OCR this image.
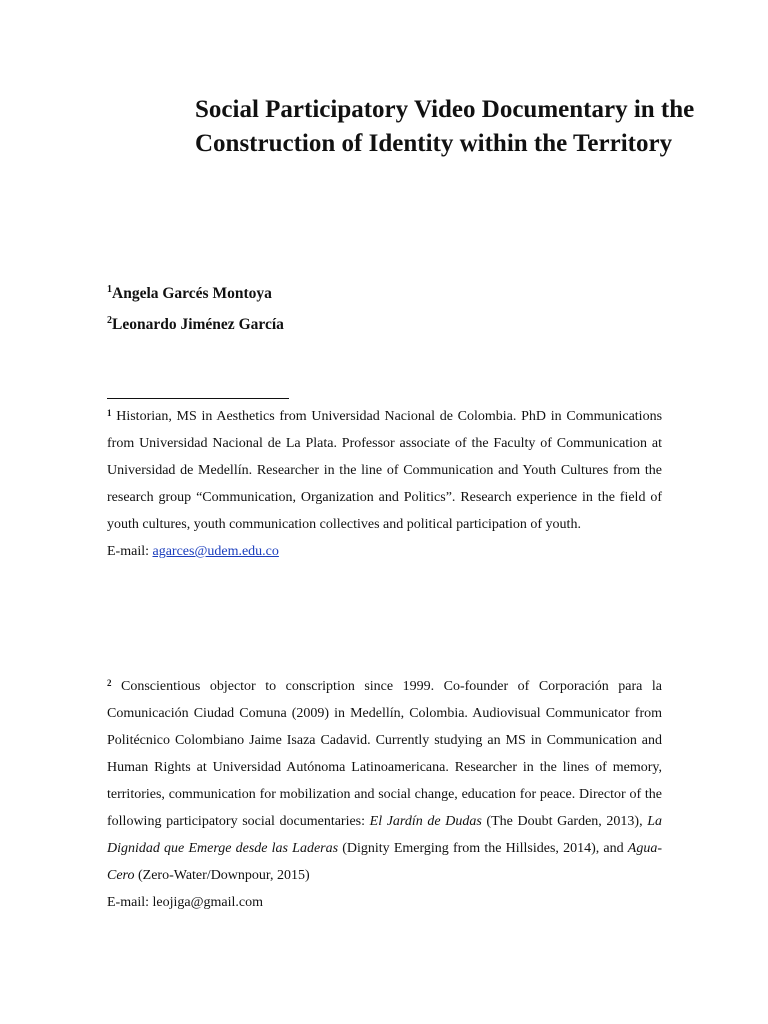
Social Participatory Video Documentary in the Construction of Identity within the Territory

$^1$Angela Garcés Montoya

$^2$Leonardo Jiménez García

$^1$ Historian, MS in Aesthetics from Universidad Nacional de Colombia. PhD in Communications from Universidad Nacional de La Plata. Professor associate of the Faculty of Communication at Universidad de Medellín. Researcher in the line of Communication and Youth Cultures from the research group “Communication, Organization and Politics”. Research experience in the field of youth cultures, youth communication collectives and political participation of youth.
E-mail: agarces@udem.edu.co

$^2$ Conscientious objector to conscription since 1999. Co-founder of Corporación para la Comunicación Ciudad Comuna (2009) in Medellín, Colombia. Audiovisual Communicator from Politécnico Colombiano Jaime Isaza Cadavid. Currently studying an MS in Communication and Human Rights at Universidad Autónoma Latinoamericana. Researcher in the lines of memory, territories, communication for mobilization and social change, education for peace. Director of the following participatory social documentaries: El Jardín de Dudas (The Doubt Garden, 2013), La Dignidad que Emerge desde las Laderas (Dignity Emerging from the Hillsides, 2014), and Agua-Cero (Zero-Water/Downpour, 2015)
E-mail: leojiga@gmail.com
